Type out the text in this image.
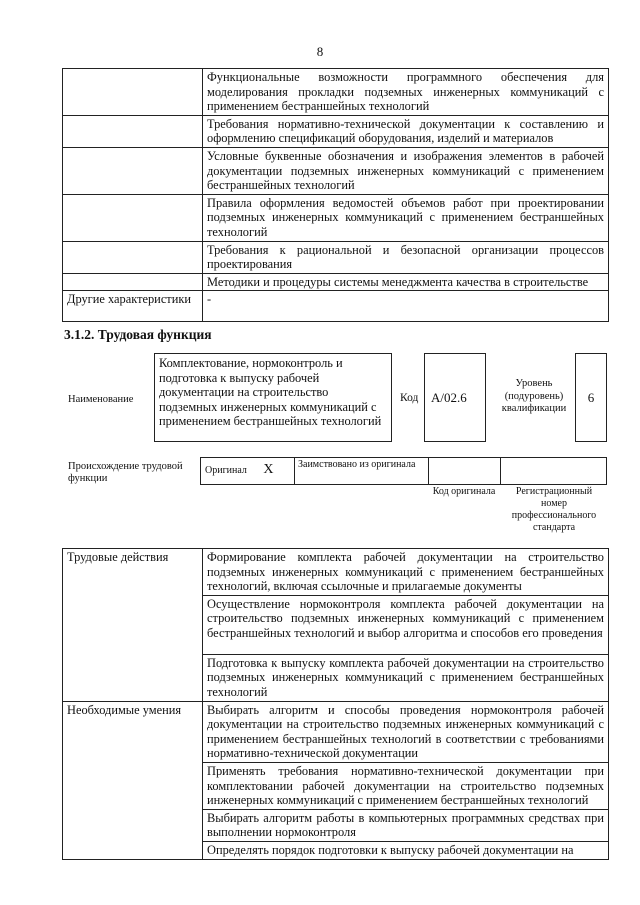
8
	Функциональные возможности программного обеспечения для моделирования прокладки подземных инженерных коммуникаций с применением бестраншейных технологий
	Требования нормативно-технической документации к составлению и оформлению спецификаций оборудования, изделий и материалов
	Условные буквенные обозначения и изображения элементов в рабочей документации подземных инженерных коммуникаций с применением бестраншейных технологий
	Правила оформления ведомостей объемов работ при проектировании подземных инженерных коммуникаций с применением бестраншейных технологий
	Требования к рациональной и безопасной организации процессов проектирования
	Методики и процедуры системы менеджмента качества в строительстве
Другие характеристики	-
3.1.2. Трудовая функция
Наименование
Комплектование, нормоконтроль и подготовка к выпуску рабочей документации на строительство подземных инженерных коммуникаций с применением бестраншейных технологий
Код А/02.6
Уровень (подуровень) квалификации
6
Происхождение трудовой функции
Оригинал X	Заимствовано из оригинала		
Код оригинала	Регистрационный номер профессионального стандарта
Трудовые действия	Формирование комплекта рабочей документации на строительство подземных инженерных коммуникаций с применением бестраншейных технологий, включая ссылочные и прилагаемые документы
	Осуществление нормоконтроля комплекта рабочей документации на строительство подземных инженерных коммуникаций с применением бестраншейных технологий и выбор алгоритма и способов его проведения
	Подготовка к выпуску комплекта рабочей документации на строительство подземных инженерных коммуникаций с применением бестраншейных технологий
Необходимые умения	Выбирать алгоритм и способы проведения нормоконтроля рабочей документации на строительство подземных инженерных коммуникаций с применением бестраншейных технологий в соответствии с требованиями нормативно-технической документации
	Применять требования нормативно-технической документации при комплектовании рабочей документации на строительство подземных инженерных коммуникаций с применением бестраншейных технологий
	Выбирать алгоритм работы в компьютерных программных средствах при выполнении нормоконтроля
	Определять порядок подготовки к выпуску рабочей документации на
